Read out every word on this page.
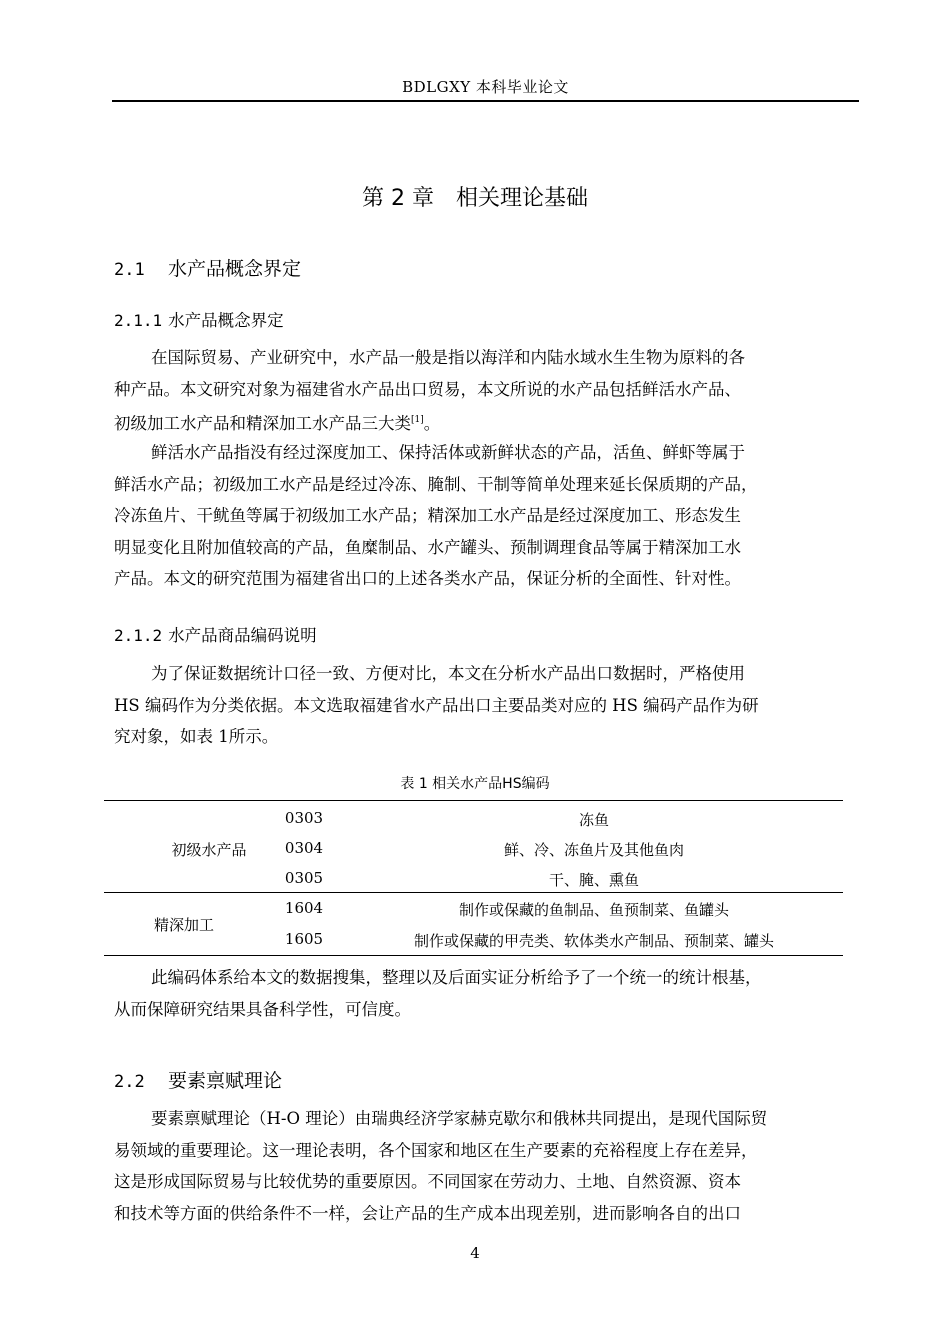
BDLGXY 本科毕业论文
第 2 章 相关理论基础
2.1 水产品概念界定
2.1.1 水产品概念界定
在国际贸易、产业研究中，水产品一般是指以海洋和内陆水域水生生物为原料的各
种产品。本文研究对象为福建省水产品出口贸易，本文所说的水产品包括鲜活水产品、
初级加工水产品和精深加工水产品三大类[1]。
鲜活水产品指没有经过深度加工、保持活体或新鲜状态的产品，活鱼、鲜虾等属于
鲜活水产品；初级加工水产品是经过冷冻、腌制、干制等简单处理来延长保质期的产品，
冷冻鱼片、干鱿鱼等属于初级加工水产品；精深加工水产品是经过深度加工、形态发生
明显变化且附加值较高的产品，鱼糜制品、水产罐头、预制调理食品等属于精深加工水
产品。本文的研究范围为福建省出口的上述各类水产品，保证分析的全面性、针对性。
2.1.2 水产品商品编码说明
为了保证数据统计口径一致、方便对比，本文在分析水产品出口数据时，严格使用
HS 编码作为分类依据。本文选取福建省水产品出口主要品类对应的 HS 编码产品作为研
究对象，如表 1所示。
表 1 相关水产品HS编码
初级水产品
0303	冻鱼
0304	鲜、冷、冻鱼片及其他鱼肉
0305	干、腌、熏鱼
精深加工
1604	制作或保藏的鱼制品、鱼预制菜、鱼罐头
1605	制作或保藏的甲壳类、软体类水产制品、预制菜、罐头
此编码体系给本文的数据搜集，整理以及后面实证分析给予了一个统一的统计根基，
从而保障研究结果具备科学性，可信度。
2.2 要素禀赋理论
要素禀赋理论（H-O 理论）由瑞典经济学家赫克歇尔和俄林共同提出，是现代国际贸
易领域的重要理论。这一理论表明，各个国家和地区在生产要素的充裕程度上存在差异，
这是形成国际贸易与比较优势的重要原因。不同国家在劳动力、土地、自然资源、资本
和技术等方面的供给条件不一样，会让产品的生产成本出现差别，进而影响各自的出口
4
